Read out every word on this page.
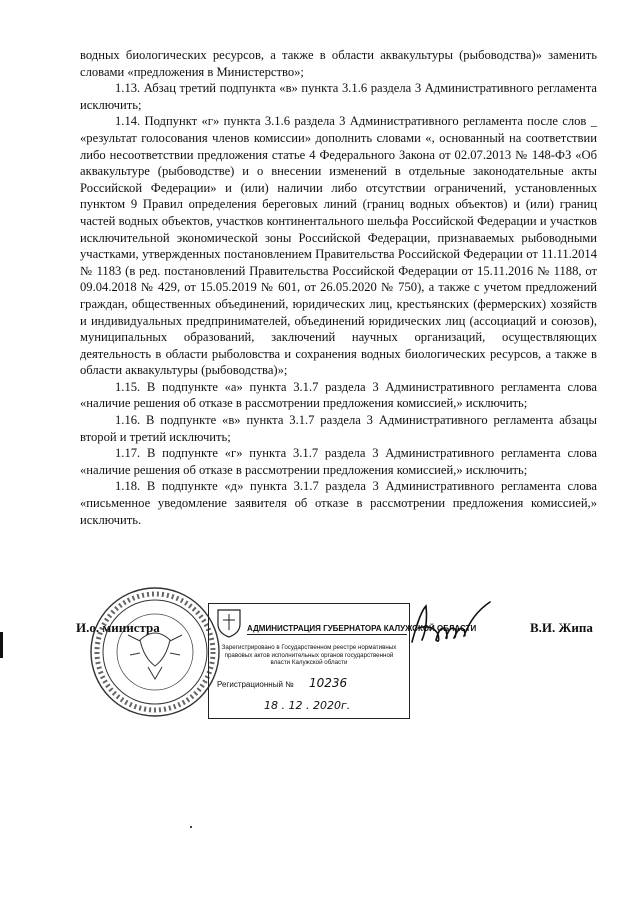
водных биологических ресурсов, а также в области аквакультуры (рыбоводства)» заменить словами «предложения в Министерство»;

1.13. Абзац третий подпункта «в» пункта 3.1.6 раздела 3 Административного регламента исключить;

1.14. Подпункт «г» пункта 3.1.6 раздела 3 Административного регламента после слов _ «результат голосования членов комиссии» дополнить словами «, основанный на соответствии либо несоответствии предложения статье 4 Федерального Закона от 02.07.2013 № 148-ФЗ «Об аквакультуре (рыбоводстве) и о внесении изменений в отдельные законодательные акты Российской Федерации» и (или) наличии либо отсутствии ограничений, установленных пунктом 9 Правил определения береговых линий (границ водных объектов) и (или) границ частей водных объектов, участков континентального шельфа Российской Федерации и участков исключительной экономической зоны Российской Федерации, признаваемых рыбоводными участками, утвержденных постановлением Правительства Российской Федерации от 11.11.2014 № 1183 (в ред. постановлений Правительства Российской Федерации от 15.11.2016 № 1188, от 09.04.2018 № 429, от 15.05.2019 № 601, от 26.05.2020 № 750), а также с учетом предложений граждан, общественных объединений, юридических лиц, крестьянских (фермерских) хозяйств и индивидуальных предпринимателей, объединений юридических лиц (ассоциаций и союзов), муниципальных образований, заключений научных организаций, осуществляющих деятельность в области рыболовства и сохранения водных биологических ресурсов, а также в области аквакультуры (рыбоводства)»;

1.15. В подпункте «а» пункта 3.1.7 раздела 3 Административного регламента слова «наличие решения об отказе в рассмотрении предложения комиссией,» исключить;

1.16. В подпункте «в» пункта 3.1.7 раздела 3 Административного регламента абзацы второй и третий исключить;

1.17. В подпункте «г» пункта 3.1.7 раздела 3 Административного регламента слова «наличие решения об отказе в рассмотрении предложения комиссией,» исключить;

1.18. В подпункте «д» пункта 3.1.7 раздела 3 Административного регламента слова «письменное уведомление заявителя об отказе в рассмотрении предложения комиссией,» исключить.

И.о. министра	АДМИНИСТРАЦИЯ ГУБЕРНАТОРА КАЛУЖСКОЙ ОБЛАСТИ
Зарегистрировано в Государственном реестре нормативных правовых актов исполнительных органов государственной власти Калужской области
Регистрационный № 10236
18 . 12 . 2020г.
В.И. Жипа
